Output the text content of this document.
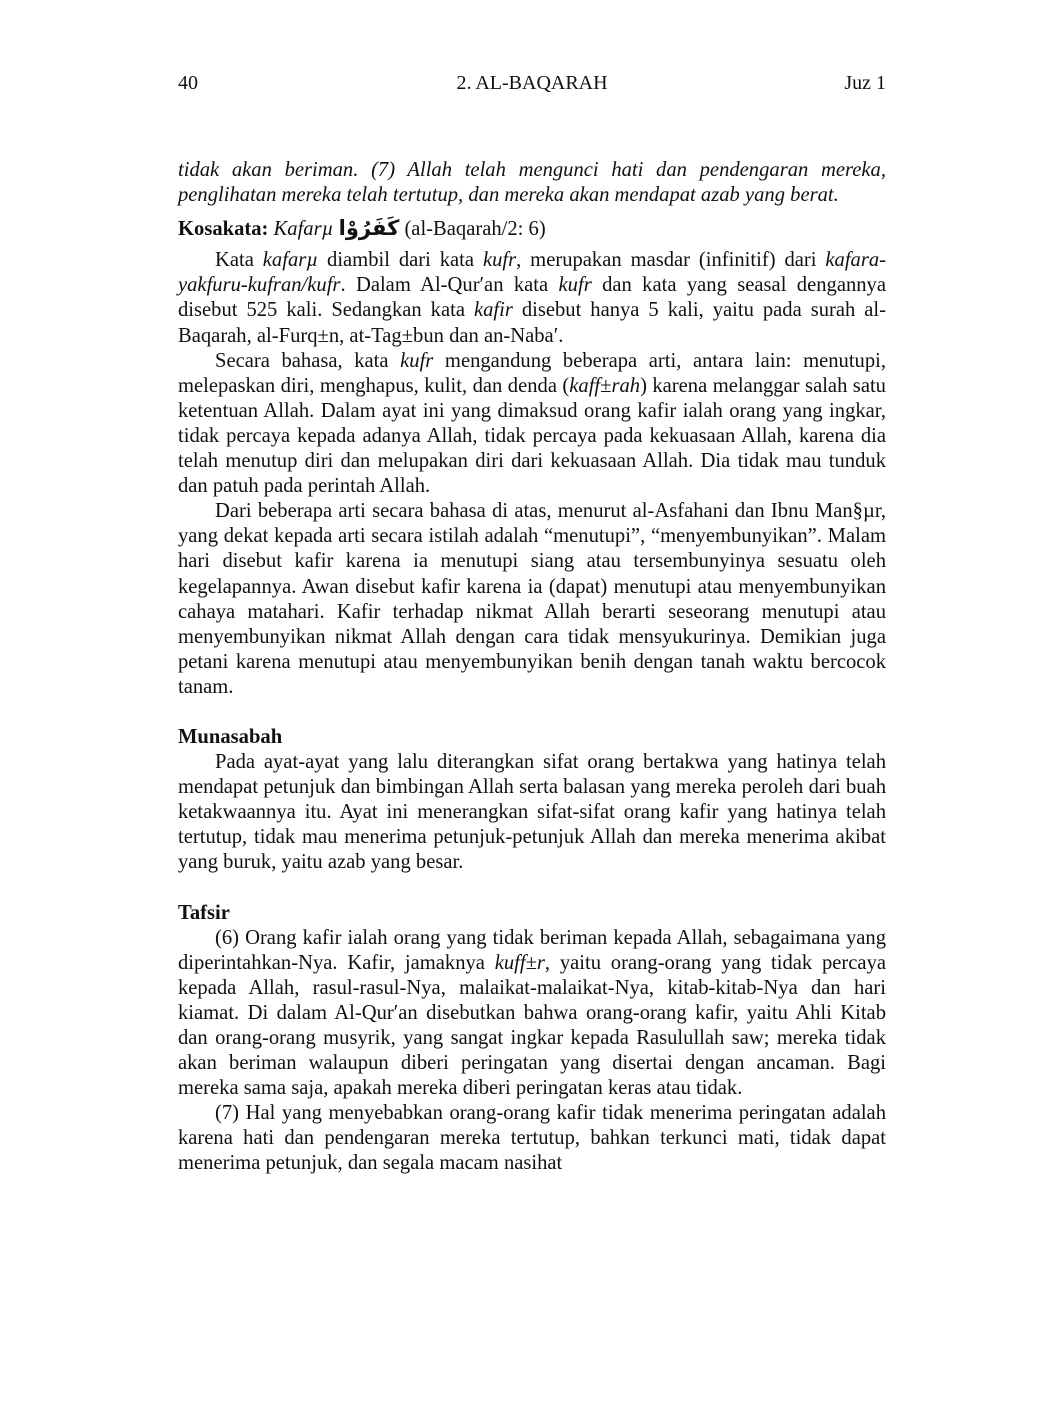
40	2. AL-BAQARAH	Juz 1

tidak akan beriman. (7) Allah telah mengunci hati dan pendengaran mereka, penglihatan mereka telah tertutup, dan mereka akan mendapat azab yang berat.

Kosakata: Kafarµ كَفَرُوْا (al-Baqarah/2: 6)

Kata kafarµ diambil dari kata kufr, merupakan masdar (infinitif) dari kafara-yakfuru-kufran/kufr. Dalam Al-Qur′an kata kufr dan kata yang seasal dengannya disebut 525 kali. Sedangkan kata kafir disebut hanya 5 kali, yaitu pada surah al-Baqarah, al-Furq±n, at-Tag±bun dan an-Naba′.

Secara bahasa, kata kufr mengandung beberapa arti, antara lain: menutupi, melepaskan diri, menghapus, kulit, dan denda (kaff±rah) karena melanggar salah satu ketentuan Allah. Dalam ayat ini yang dimaksud orang kafir ialah orang yang ingkar, tidak percaya kepada adanya Allah, tidak percaya pada kekuasaan Allah, karena dia telah menutup diri dan melupakan diri dari kekuasaan Allah. Dia tidak mau tunduk dan patuh pada perintah Allah.

Dari beberapa arti secara bahasa di atas, menurut al-Asfahani dan Ibnu Man§µr, yang dekat kepada arti secara istilah adalah “menutupi”, “menyembunyikan”. Malam hari disebut kafir karena ia menutupi siang atau tersembunyinya sesuatu oleh kegelapannya. Awan disebut kafir karena ia (dapat) menutupi atau menyembunyikan cahaya matahari. Kafir terhadap nikmat Allah berarti seseorang menutupi atau menyembunyikan nikmat Allah dengan cara tidak mensyukurinya. Demikian juga petani karena menutupi atau menyembunyikan benih dengan tanah waktu bercocok tanam.

Munasabah

Pada ayat-ayat yang lalu diterangkan sifat orang bertakwa yang hatinya telah mendapat petunjuk dan bimbingan Allah serta balasan yang mereka peroleh dari buah ketakwaannya itu. Ayat ini menerangkan sifat-sifat orang kafir yang hatinya telah tertutup, tidak mau menerima petunjuk-petunjuk Allah dan mereka menerima akibat yang buruk, yaitu azab yang besar.

Tafsir

(6) Orang kafir ialah orang yang tidak beriman kepada Allah, sebagaimana yang diperintahkan-Nya. Kafir, jamaknya kuff±r, yaitu orang-orang yang tidak percaya kepada Allah, rasul-rasul-Nya, malaikat-malaikat-Nya, kitab-kitab-Nya dan hari kiamat. Di dalam Al-Qur′an disebutkan bahwa orang-orang kafir, yaitu Ahli Kitab dan orang-orang musyrik, yang sangat ingkar kepada Rasulullah saw; mereka tidak akan beriman walaupun diberi peringatan yang disertai dengan ancaman. Bagi mereka sama saja, apakah mereka diberi peringatan keras atau tidak.

(7) Hal yang menyebabkan orang-orang kafir tidak menerima peringatan adalah karena hati dan pendengaran mereka tertutup, bahkan terkunci mati, tidak dapat menerima petunjuk, dan segala macam nasihat
